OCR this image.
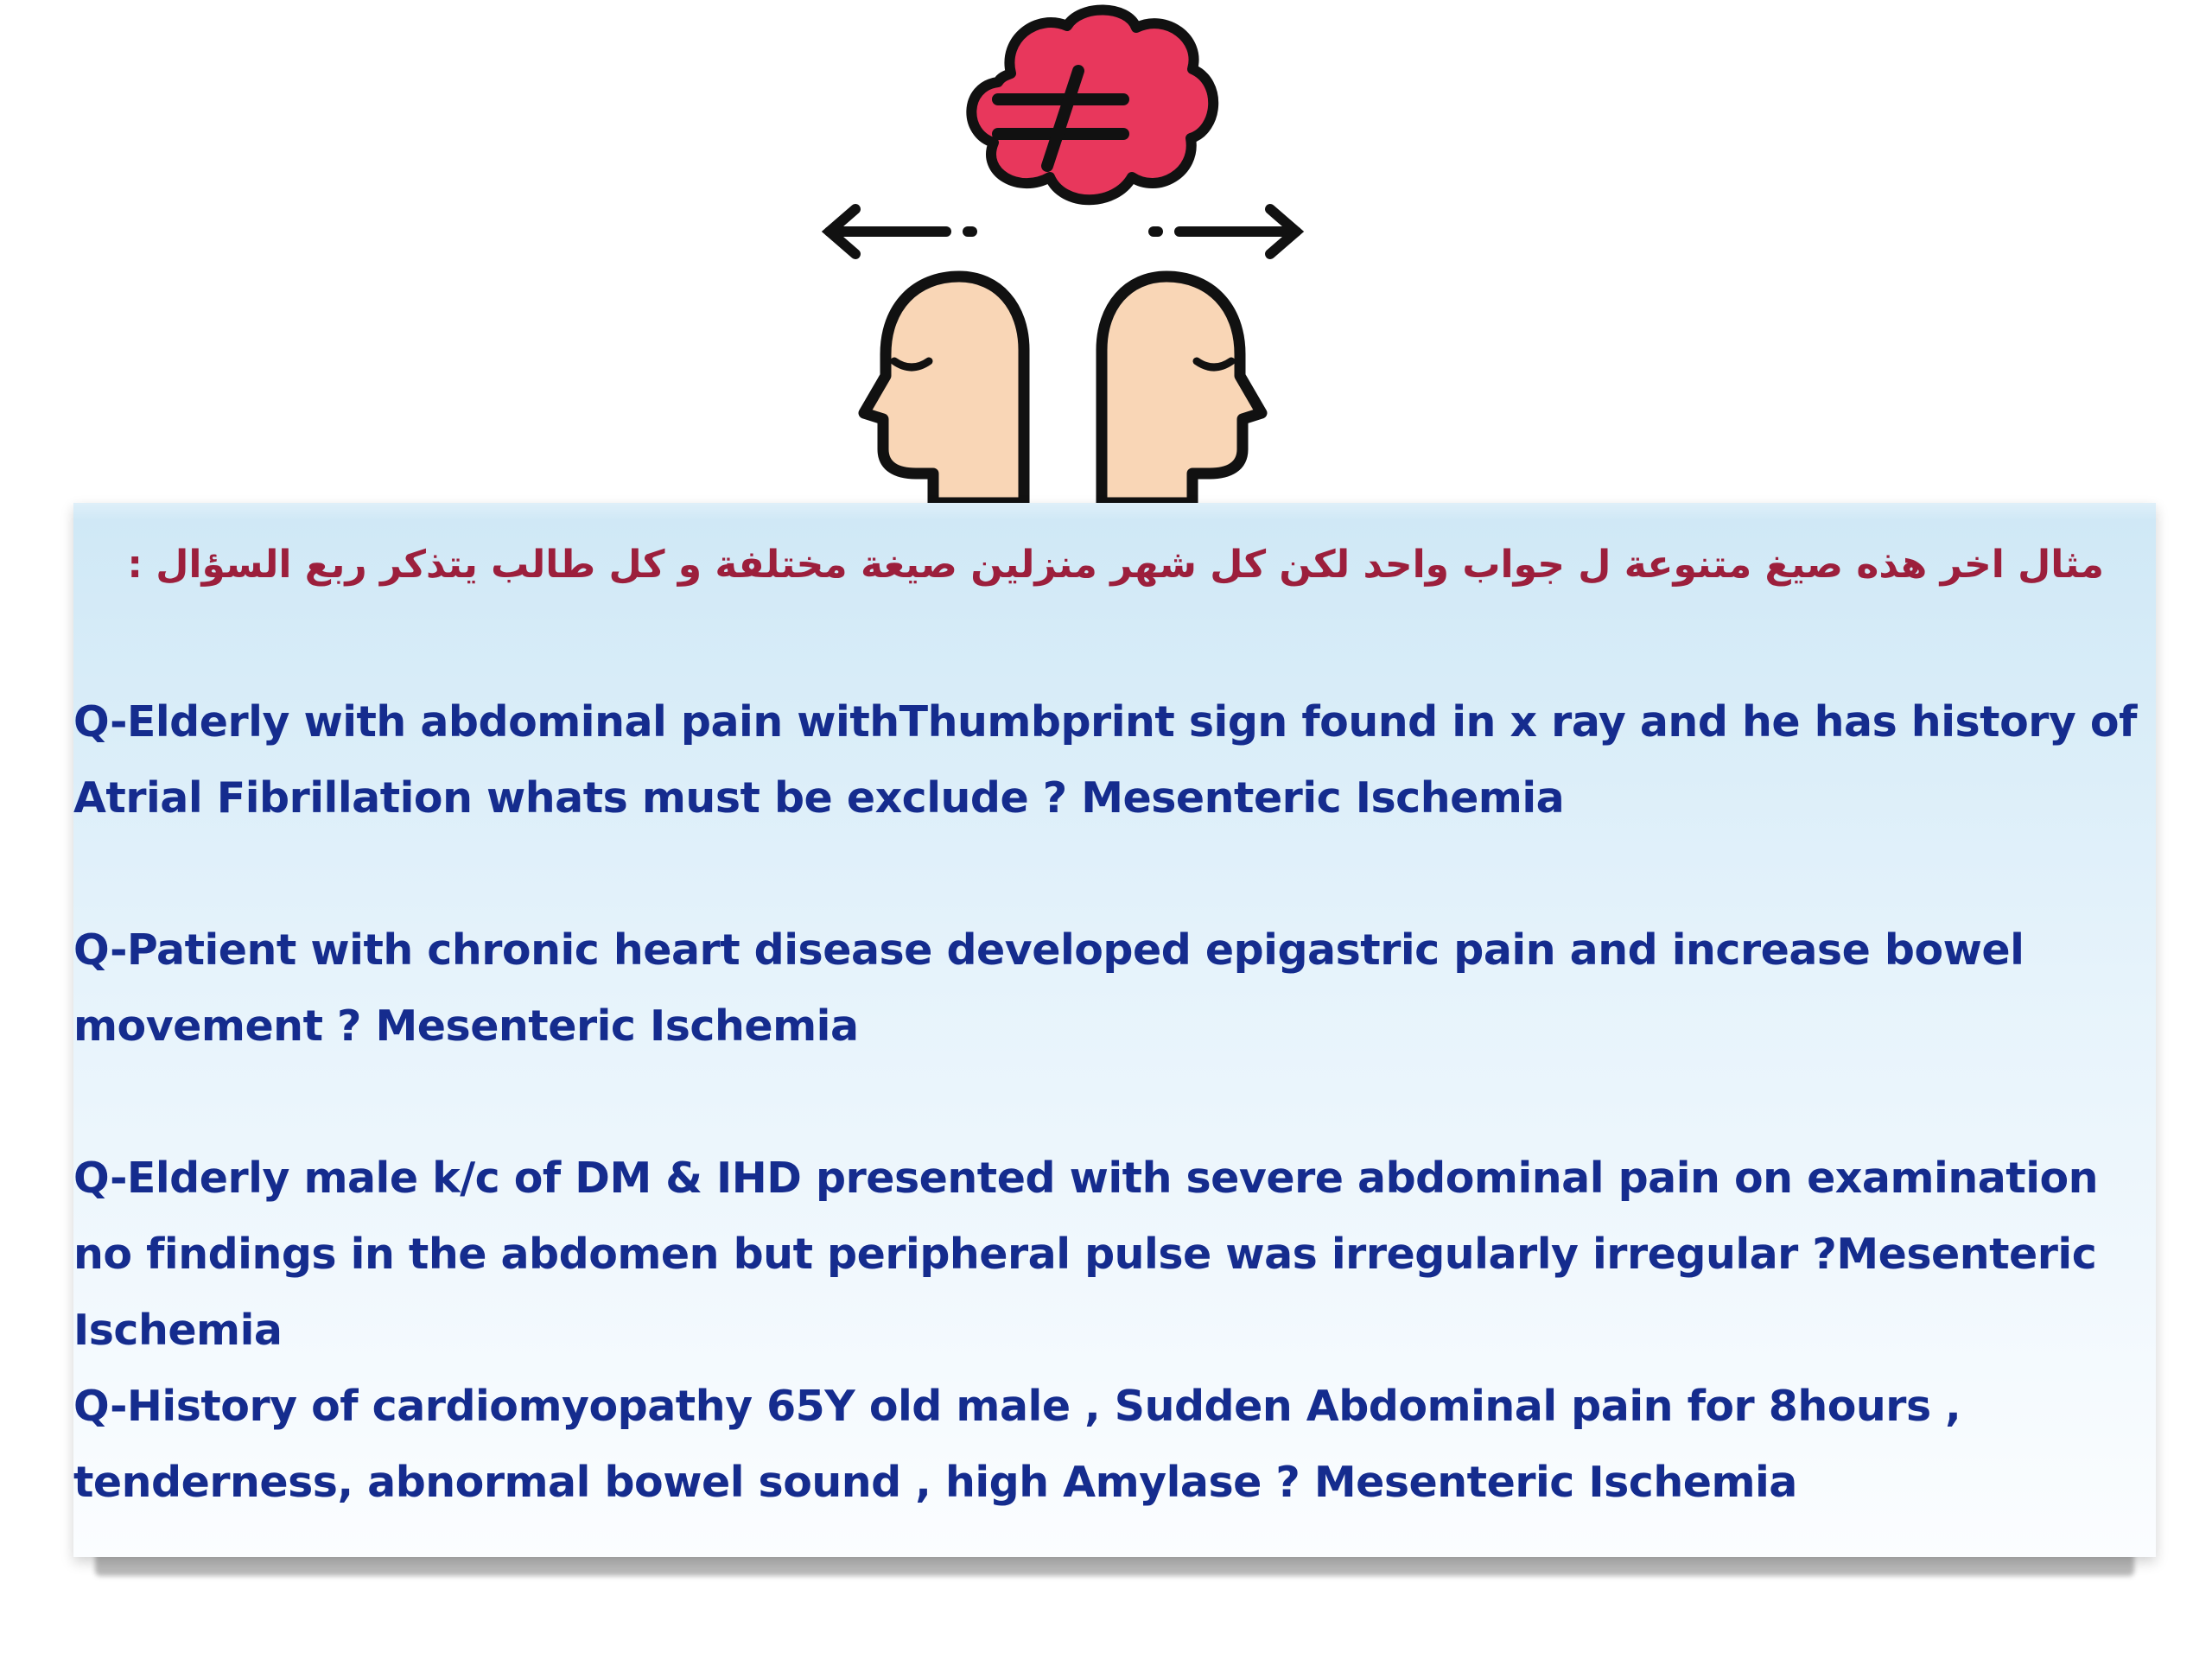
مثال اخر هذه صيغ متنوعة ل جواب واحد لكن كل شهر منزلين صيغة مختلفة و كل طالب يتذكر ربع السؤال :

Q-Elderly with abdominal pain withThumbprint sign found in x ray and he has history of Atrial Fibrillation whats must be exclude ? Mesenteric Ischemia

Q-Patient with chronic heart disease developed epigastric pain and increase bowel movement ? Mesenteric Ischemia

Q-Elderly male k/c of DM & IHD presented with severe abdominal pain on examination no findings in the abdomen but peripheral pulse was irregularly irregular ?Mesenteric Ischemia

Q-History of cardiomyopathy 65Y old male , Sudden Abdominal pain for 8hours , tenderness, abnormal bowel sound , high Amylase ? Mesenteric Ischemia
